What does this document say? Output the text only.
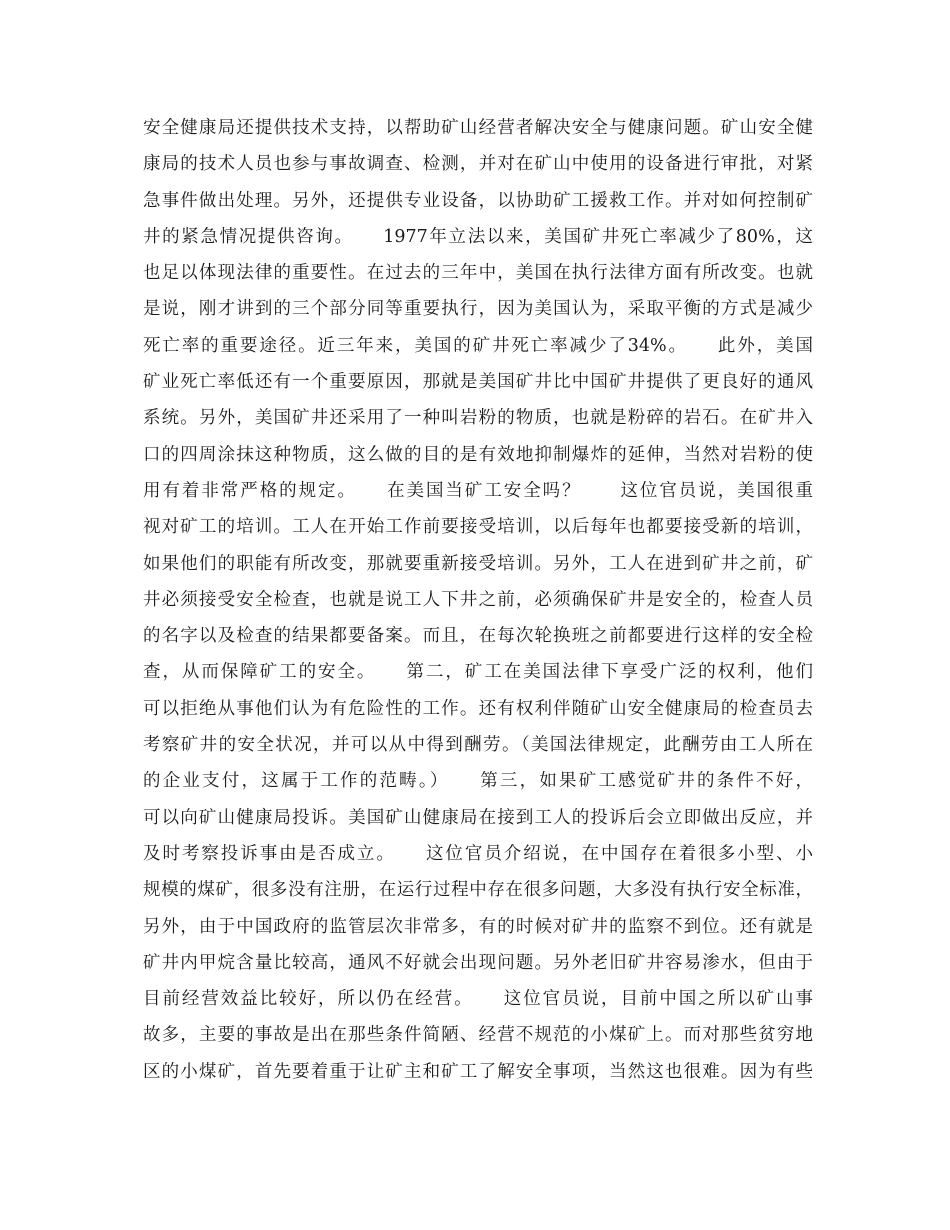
安全健康局还提供技术支持，以帮助矿山经营者解决安全与健康问题。矿山安全健
康局的技术人员也参与事故调查、检测，并对在矿山中使用的设备进行审批，对紧
急事件做出处理。另外，还提供专业设备，以协助矿工援救工作。并对如何控制矿
井的紧急情况提供咨询。　　1977年立法以来，美国矿井死亡率减少了80%，这
也足以体现法律的重要性。在过去的三年中，美国在执行法律方面有所改变。也就
是说，刚才讲到的三个部分同等重要执行，因为美国认为，采取平衡的方式是减少
死亡率的重要途径。近三年来，美国的矿井死亡率减少了34%。　　此外，美国
矿业死亡率低还有一个重要原因，那就是美国矿井比中国矿井提供了更良好的通风
系统。另外，美国矿井还采用了一种叫岩粉的物质，也就是粉碎的岩石。在矿井入
口的四周涂抹这种物质，这么做的目的是有效地抑制爆炸的延伸，当然对岩粉的使
用有着非常严格的规定。　　在美国当矿工安全吗？　　这位官员说，美国很重
视对矿工的培训。工人在开始工作前要接受培训，以后每年也都要接受新的培训，
如果他们的职能有所改变，那就要重新接受培训。另外，工人在进到矿井之前，矿
井必须接受安全检查，也就是说工人下井之前，必须确保矿井是安全的，检查人员
的名字以及检查的结果都要备案。而且，在每次轮换班之前都要进行这样的安全检
查，从而保障矿工的安全。　　第二，矿工在美国法律下享受广泛的权利，他们
可以拒绝从事他们认为有危险性的工作。还有权利伴随矿山安全健康局的检查员去
考察矿井的安全状况，并可以从中得到酬劳。（美国法律规定，此酬劳由工人所在
的企业支付，这属于工作的范畴。）　　第三，如果矿工感觉矿井的条件不好，
可以向矿山健康局投诉。美国矿山健康局在接到工人的投诉后会立即做出反应，并
及时考察投诉事由是否成立。　　这位官员介绍说，在中国存在着很多小型、小
规模的煤矿，很多没有注册，在运行过程中存在很多问题，大多没有执行安全标准，
另外，由于中国政府的监管层次非常多，有的时候对矿井的监察不到位。还有就是
矿井内甲烷含量比较高，通风不好就会出现问题。另外老旧矿井容易渗水，但由于
目前经营效益比较好，所以仍在经营。　　这位官员说，目前中国之所以矿山事
故多，主要的事故是出在那些条件简陋、经营不规范的小煤矿上。而对那些贫穷地
区的小煤矿，首先要着重于让矿主和矿工了解安全事项，当然这也很难。因为有些
